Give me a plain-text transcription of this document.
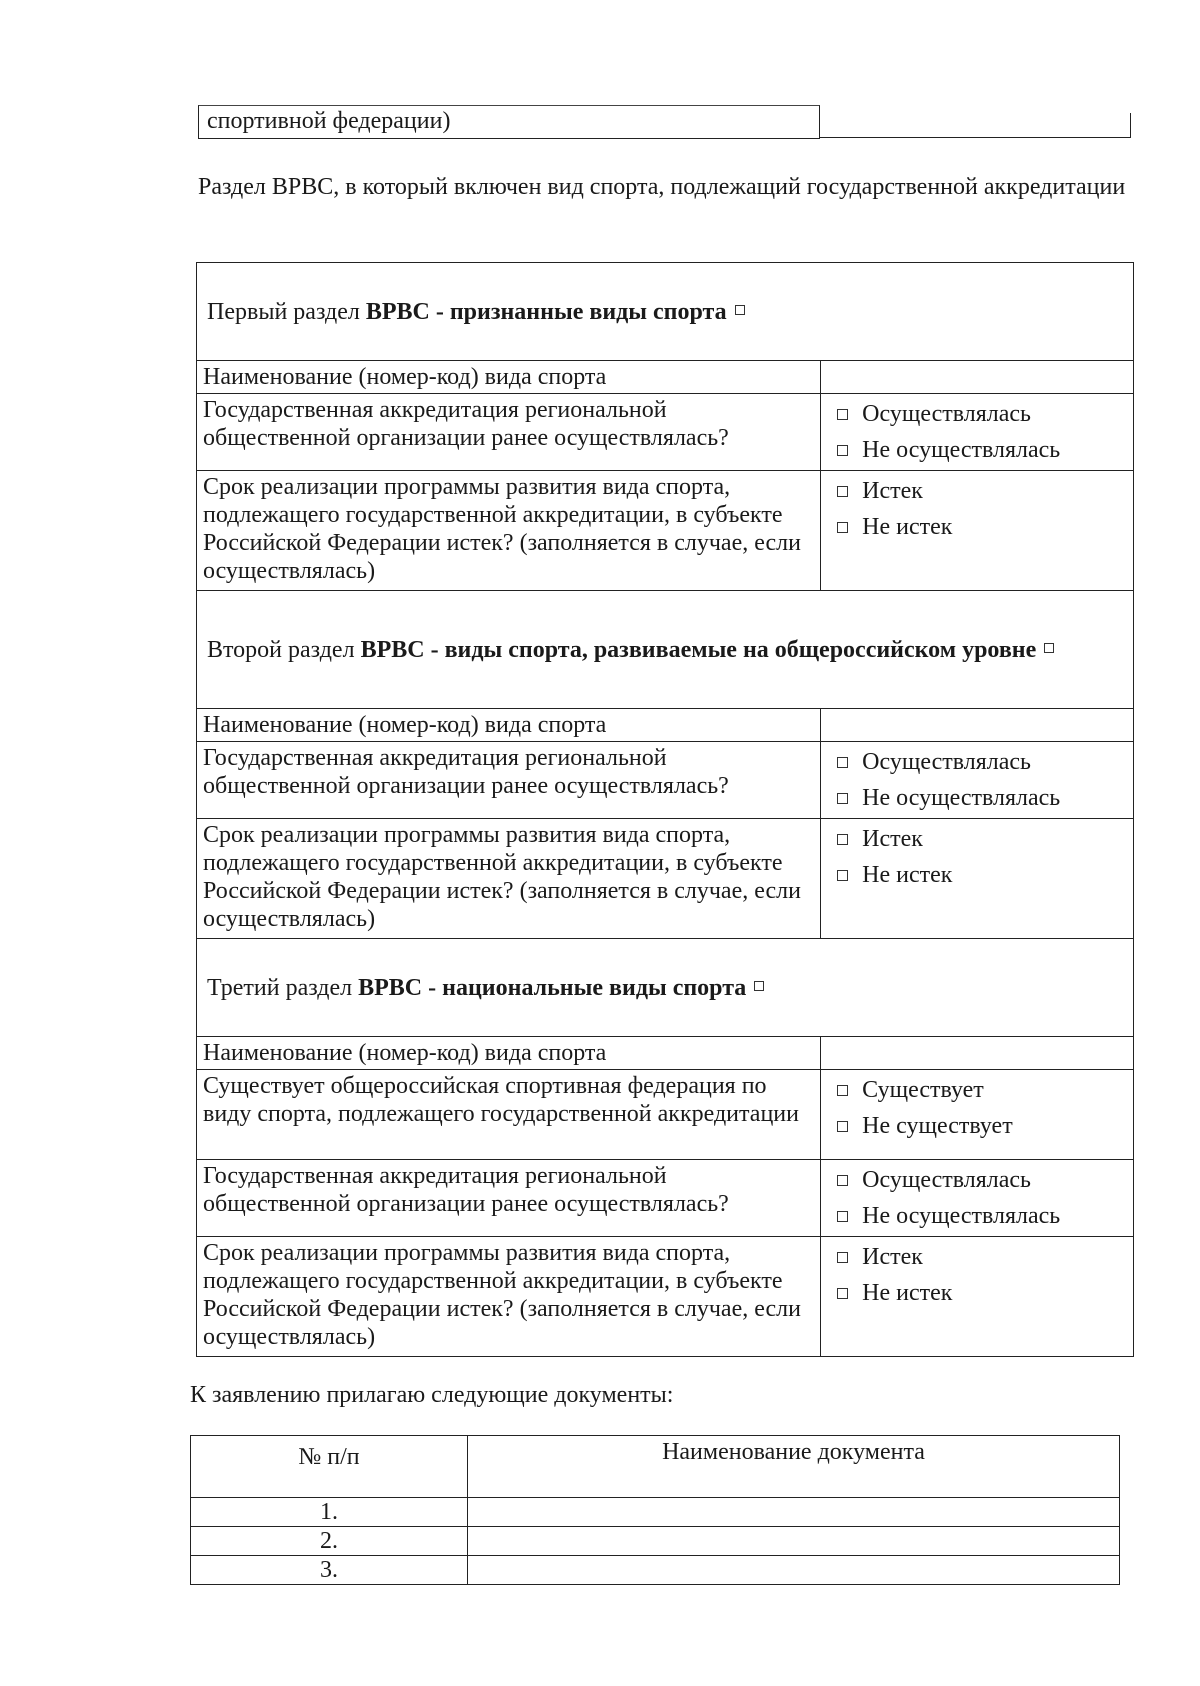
спортивной федерации)
Раздел ВРВС, в который включен вид спорта, подлежащий государственной аккредитации
Первый раздел ВРВС - признанные виды спорта	

Наименование (номер-код) вида спорта	
Государственная аккредитация региональной общественной организации ранее осуществлялась?	Осуществлялась
Не осуществлялась

Срок реализации программы развития вида спорта, подлежащего государственной аккредитации, в субъекте Российской Федерации истек? (заполняется в случае, если осуществлялась)	Истек
Не истек

Второй раздел ВРВС - виды спорта, развиваемые на общероссийском уровне	

Наименование (номер-код) вида спорта	
Государственная аккредитация региональной общественной организации ранее осуществлялась?	Осуществлялась
Не осуществлялась

Срок реализации программы развития вида спорта, подлежащего государственной аккредитации, в субъекте Российской Федерации истек? (заполняется в случае, если осуществлялась)	Истек
Не истек

Третий раздел ВРВС - национальные виды спорта	

Наименование (номер-код) вида спорта	
Существует общероссийская спортивная федерация по виду спорта, подлежащего государственной аккредитации	Существует
Не существует

Государственная аккредитация региональной общественной организации ранее осуществлялась?	Осуществлялась
Не осуществлялась

Срок реализации программы развития вида спорта, подлежащего государственной аккредитации, в субъекте Российской Федерации истек? (заполняется в случае, если осуществлялась)	Истек
Не истек
К заявлению прилагаю следующие документы:
№ п/п	Наименование документа
1.	
2.	
3.	
